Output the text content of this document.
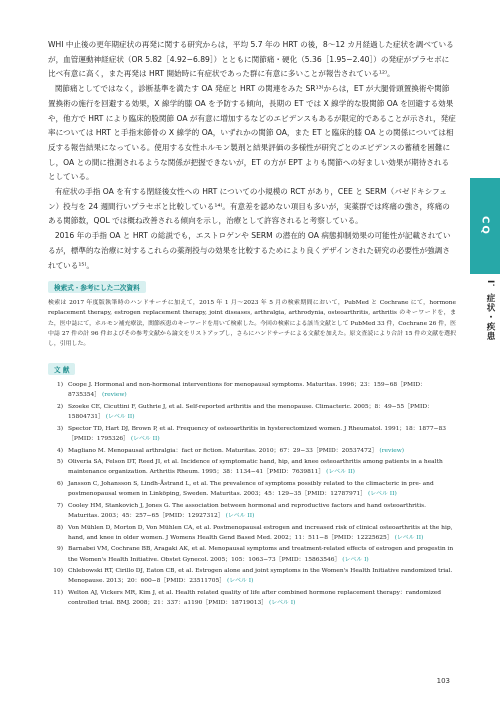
WHI 中止後の更年期症状の再発に関する研究からは，平均 5.7 年の HRT の後，8〜12 カ月経過した症状を調べているが，血管運動神経症状（OR 5.82［4.92−6.89］）とともに関節痛・硬化（5.36［1.95−2.40］）の発症がプラセボに比べ有意に高く，また再発は HRT 開始時に有症状であった群に有意に多いことが報告されている¹²⁾。

関節痛としてではなく，診断基準を満たす OA 発症と HRT の関連をみた SR¹³⁾からは，ET が大腿骨頭置換術や関節置換術の施行を回避する効果，X 線学的膝 OA を予防する傾向，長期の ET では X 線学的な股関節 OA を回避する効果や，他方で HRT により臨床的股関節 OA が有意に増加するなどのエビデンスもあるが限定的であることが示され，発症率については HRT と手指末節骨の X 線学的 OA，いずれかの関節 OA，また ET と臨床的膝 OA との関係については相反する報告結果になっている。使用する女性ホルモン製剤と結果評価の多様性が研究ごとのエビデンスの蓄積を困難にし，OA との間に推測されるような関係が把握できないが，ET の方が EPT よりも関節への好ましい効果が期待されるとしている。

有症状の手指 OA を有する閉経後女性への HRT についての小規模の RCT があり，CEE と SERM（バゼドキシフェン）投与を 24 週間行いプラセボと比較している¹⁴⁾。有意差を認めない項目も多いが，実薬群では疼痛の強さ，疼痛のある関節数，QOL では概ね改善される傾向を示し，治療として許容されると考察している。

2016 年の手指 OA と HRT の総説でも，エストロゲンや SERM の潜在的 OA 病態抑制効果の可能性が記載されているが，標準的な治療に対するこれらの薬剤投与の効果を比較するためにより良くデザインされた研究の必要性が強調されている¹⁵⁾。

検索式・参考にした二次資料
検索は 2017 年度版執筆時のハンドサーチに加えて，2015 年 1 月〜2023 年 5 月の検索期間において，PubMed と Cochrane にて，hormone replacement therapy, estrogen replacement therapy, joint diseases, arthralgia, arthrodynia, osteoarthritis, arthritis のキーワードを，また，医中誌にて，ホルモン補充療法，関節疾患のキーワードを用いて検索した。今回の検索による該当文献として PubMed 33 件，Cochrane 26 件，医中誌 27 件の計 96 件およびその参考文献から論文をリストアップし，さらにハンドサーチによる文献を加えた。原文査読により合計 15 件の文献を選択し，引用した。
文 献
1) Coope J. Hormonal and non-hormonal interventions for menopausal symptoms. Maturitas. 1996；23：159−68［PMID：8735354］ (review)
2) Szoeke CE, Cicuttini F, Guthrie J, et al. Self-reported arthritis and the menopause. Climacteric. 2005；8：49−55［PMID：15804731］ (レベル II)
3) Spector TD, Hart DJ, Brown P, et al. Frequency of osteoarthritis in hysterectomized women. J Rheumatol. 1991；18：1877−83［PMID：1795326］ (レベル II)
4) Magliano M. Menopausal arthralgia：fact or fiction. Maturitas. 2010；67：29−33［PMID：20537472］ (review)
5) Oliveria SA, Felson DT, Reed JI, et al. Incidence of symptomatic hand, hip, and knee osteoarthritis among patients in a health maintenance organization. Arthritis Rheum. 1995；38：1134−41［PMID：7639811］ (レベル II)
6) Jansson C, Johansson S, Lindh-Åstrand L, et al. The prevalence of symptoms possibly related to the climacteric in pre- and postmenopausal women in Linköping, Sweden. Maturitas. 2003；45：129−35［PMID：12787971］ (レベル II)
7) Cooley HM, Stankovich J, Jones G. The association between hormonal and reproductive factors and hand osteoarthritis. Maturitas. 2003；45：257−65［PMID：12927312］ (レベル II)
8) Von Mühlen D, Morton D, Von Mühlen CA, et al. Postmenopausal estrogen and increased risk of clinical osteoarthritis at the hip, hand, and knee in older women. J Womens Health Gend Based Med. 2002；11：511−8［PMID：12225625］ (レベル II)
9) Barnabei VM, Cochrane BB, Aragaki AK, et al. Menopausal symptoms and treatment-related effects of estrogen and progestin in the Women's Health Initiative. Obstet Gynecol. 2005；105：1063−73［PMID：15863546］ (レベル I)
10) Chlebowski RT, Cirillo DJ, Eaton CB, et al. Estrogen alone and joint symptoms in the Women's Health Initiative randomized trial. Menopause. 2013；20：600−8［PMID：23511705］ (レベル I)
11) Welton AJ, Vickers MR, Kim J, et al. Health related quality of life after combined hormone replacement therapy：randomized controlled trial. BMJ. 2008；21：337：a1190［PMID：18719013］ (レベル I)
CQ
I．症状・疾患
103
